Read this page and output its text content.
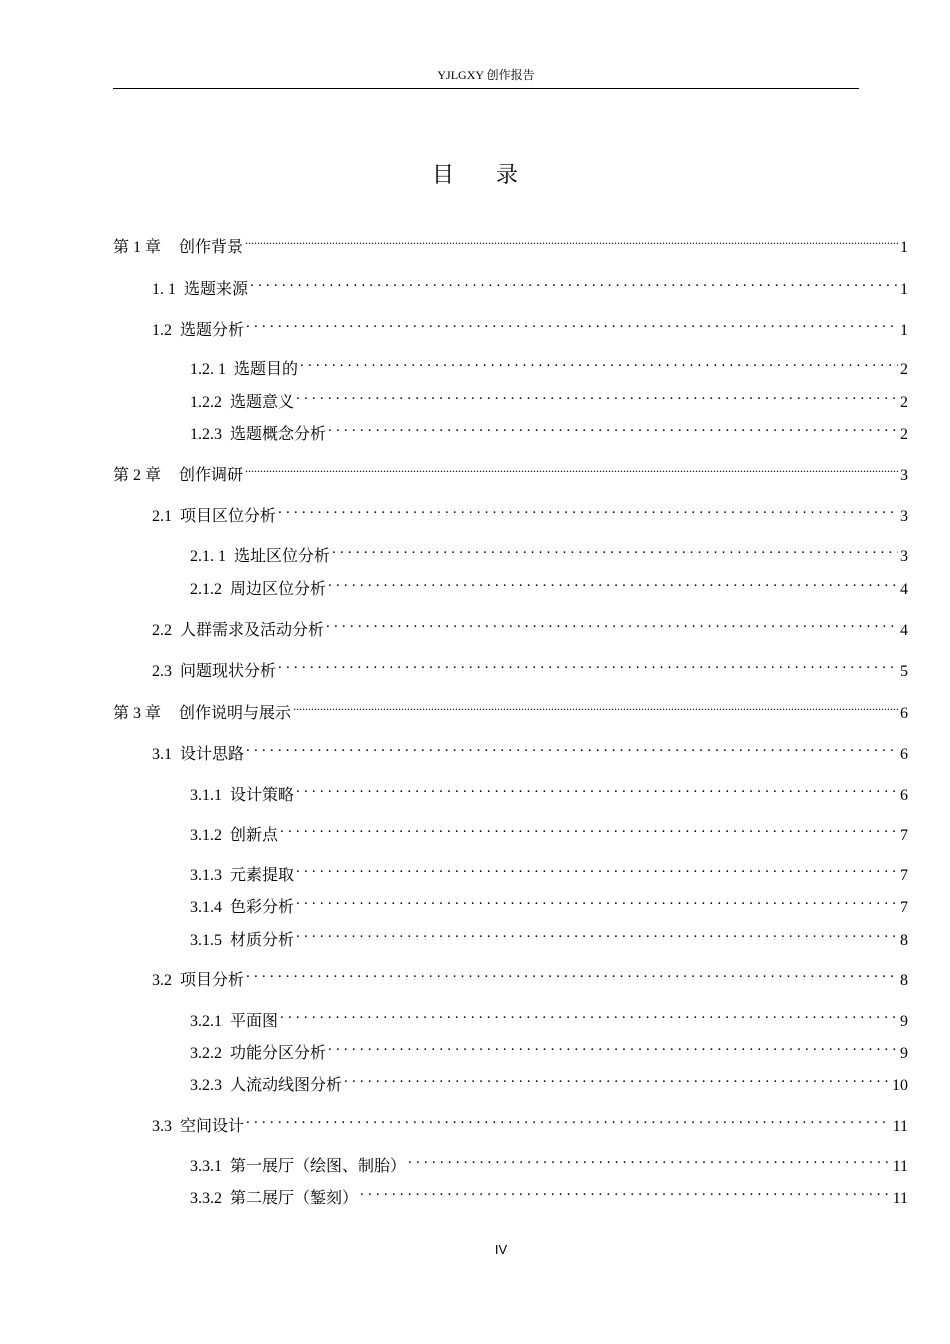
YJLGXY 创作报告
目录
第 1 章 创作背景 .....	1
1. 1 选题来源 .....	1
1.2 选题分析 .....	1
1.2. 1 选题目的 .....	2
1.2.2 选题意义 .....	2
1.2.3 选题概念分析 .....	2
第 2 章 创作调研 .....	3
2.1 项目区位分析 .....	3
2.1. 1 选址区位分析 .....	3
2.1.2 周边区位分析 .....	4
2.2 人群需求及活动分析 .....	4
2.3 问题现状分析 .....	5
第 3 章 创作说明与展示 .....	6
3.1 设计思路 .....	6
3.1.1 设计策略 .....	6
3.1.2 创新点 .....	7
3.1.3 元素提取 .....	7
3.1.4 色彩分析 .....	7
3.1.5 材质分析 .....	8
3.2 项目分析 .....	8
3.2.1 平面图 .....	9
3.2.2 功能分区分析 .....	9
3.2.3 人流动线图分析 .....	10
3.3 空间设计 .....	11
3.3.1 第一展厅（绘图、制胎） .....	11
3.3.2 第二展厅（錾刻） .....	11
IV
